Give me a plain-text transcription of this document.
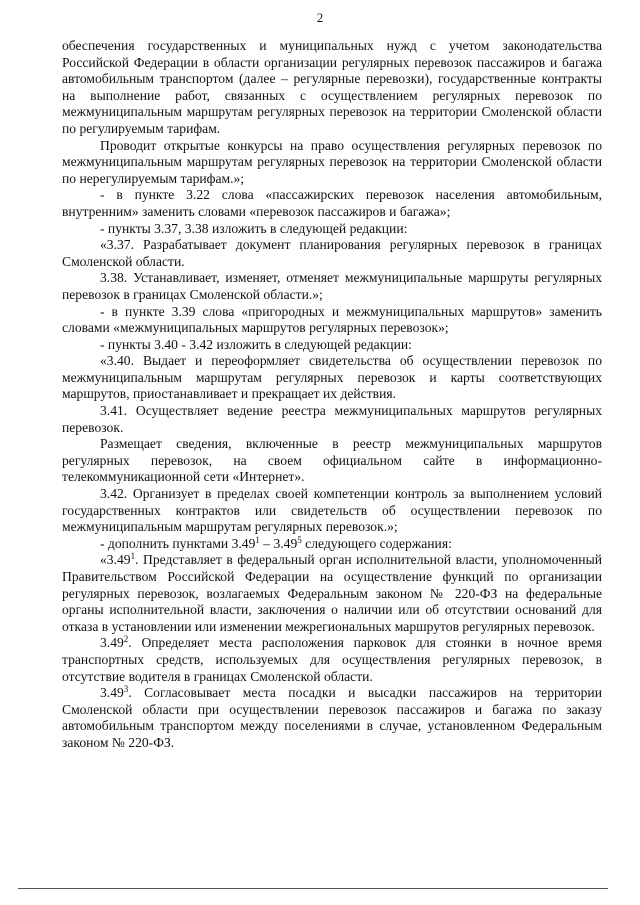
2

обеспечения государственных и муниципальных нужд с учетом законодательства Российской Федерации в области организации регулярных перевозок пассажиров и багажа автомобильным транспортом (далее – регулярные перевозки), государственные контракты на выполнение работ, связанных с осуществлением регулярных перевозок по межмуниципальным маршрутам регулярных перевозок на территории Смоленской области по регулируемым тарифам.

Проводит открытые конкурсы на право осуществления регулярных перевозок по межмуниципальным маршрутам регулярных перевозок на территории Смоленской области по нерегулируемым тарифам.»;

- в пункте 3.22 слова «пассажирских перевозок населения автомобильным, внутренним» заменить словами «перевозок пассажиров и багажа»;

- пункты 3.37, 3.38 изложить в следующей редакции:

«3.37. Разрабатывает документ планирования регулярных перевозок в границах Смоленской области.

3.38. Устанавливает, изменяет, отменяет межмуниципальные маршруты регулярных перевозок в границах Смоленской области.»;

- в пункте 3.39 слова «пригородных и межмуниципальных маршрутов» заменить словами «межмуниципальных маршрутов регулярных перевозок»;

- пункты 3.40 - 3.42 изложить в следующей редакции:

«3.40. Выдает и переоформляет свидетельства об осуществлении перевозок по межмуниципальным маршрутам регулярных перевозок и карты соответствующих маршрутов, приостанавливает и прекращает их действия.

3.41. Осуществляет ведение реестра межмуниципальных маршрутов регулярных перевозок.

Размещает сведения, включенные в реестр межмуниципальных маршрутов регулярных перевозок, на своем официальном сайте в информационно-телекоммуникационной сети «Интернет».

3.42. Организует в пределах своей компетенции контроль за выполнением условий государственных контрактов или свидетельств об осуществлении перевозок по межмуниципальным маршрутам регулярных перевозок.»;

- дополнить пунктами 3.49$^1$ – 3.49$^5$ следующего содержания:

«3.49$^1$. Представляет в федеральный орган исполнительной власти, уполномоченный Правительством Российской Федерации на осуществление функций по организации регулярных перевозок, возлагаемых Федеральным законом № 220-ФЗ на федеральные органы исполнительной власти, заключения о наличии или об отсутствии оснований для отказа в установлении или изменении межрегиональных маршрутов регулярных перевозок.

3.49$^2$. Определяет места расположения парковок для стоянки в ночное время транспортных средств, используемых для осуществления регулярных перевозок, в отсутствие водителя в границах Смоленской области.

3.49$^3$. Согласовывает места посадки и высадки пассажиров на территории Смоленской области при осуществлении перевозок пассажиров и багажа по заказу автомобильным транспортом между поселениями в случае, установленном Федеральным законом № 220-ФЗ.
